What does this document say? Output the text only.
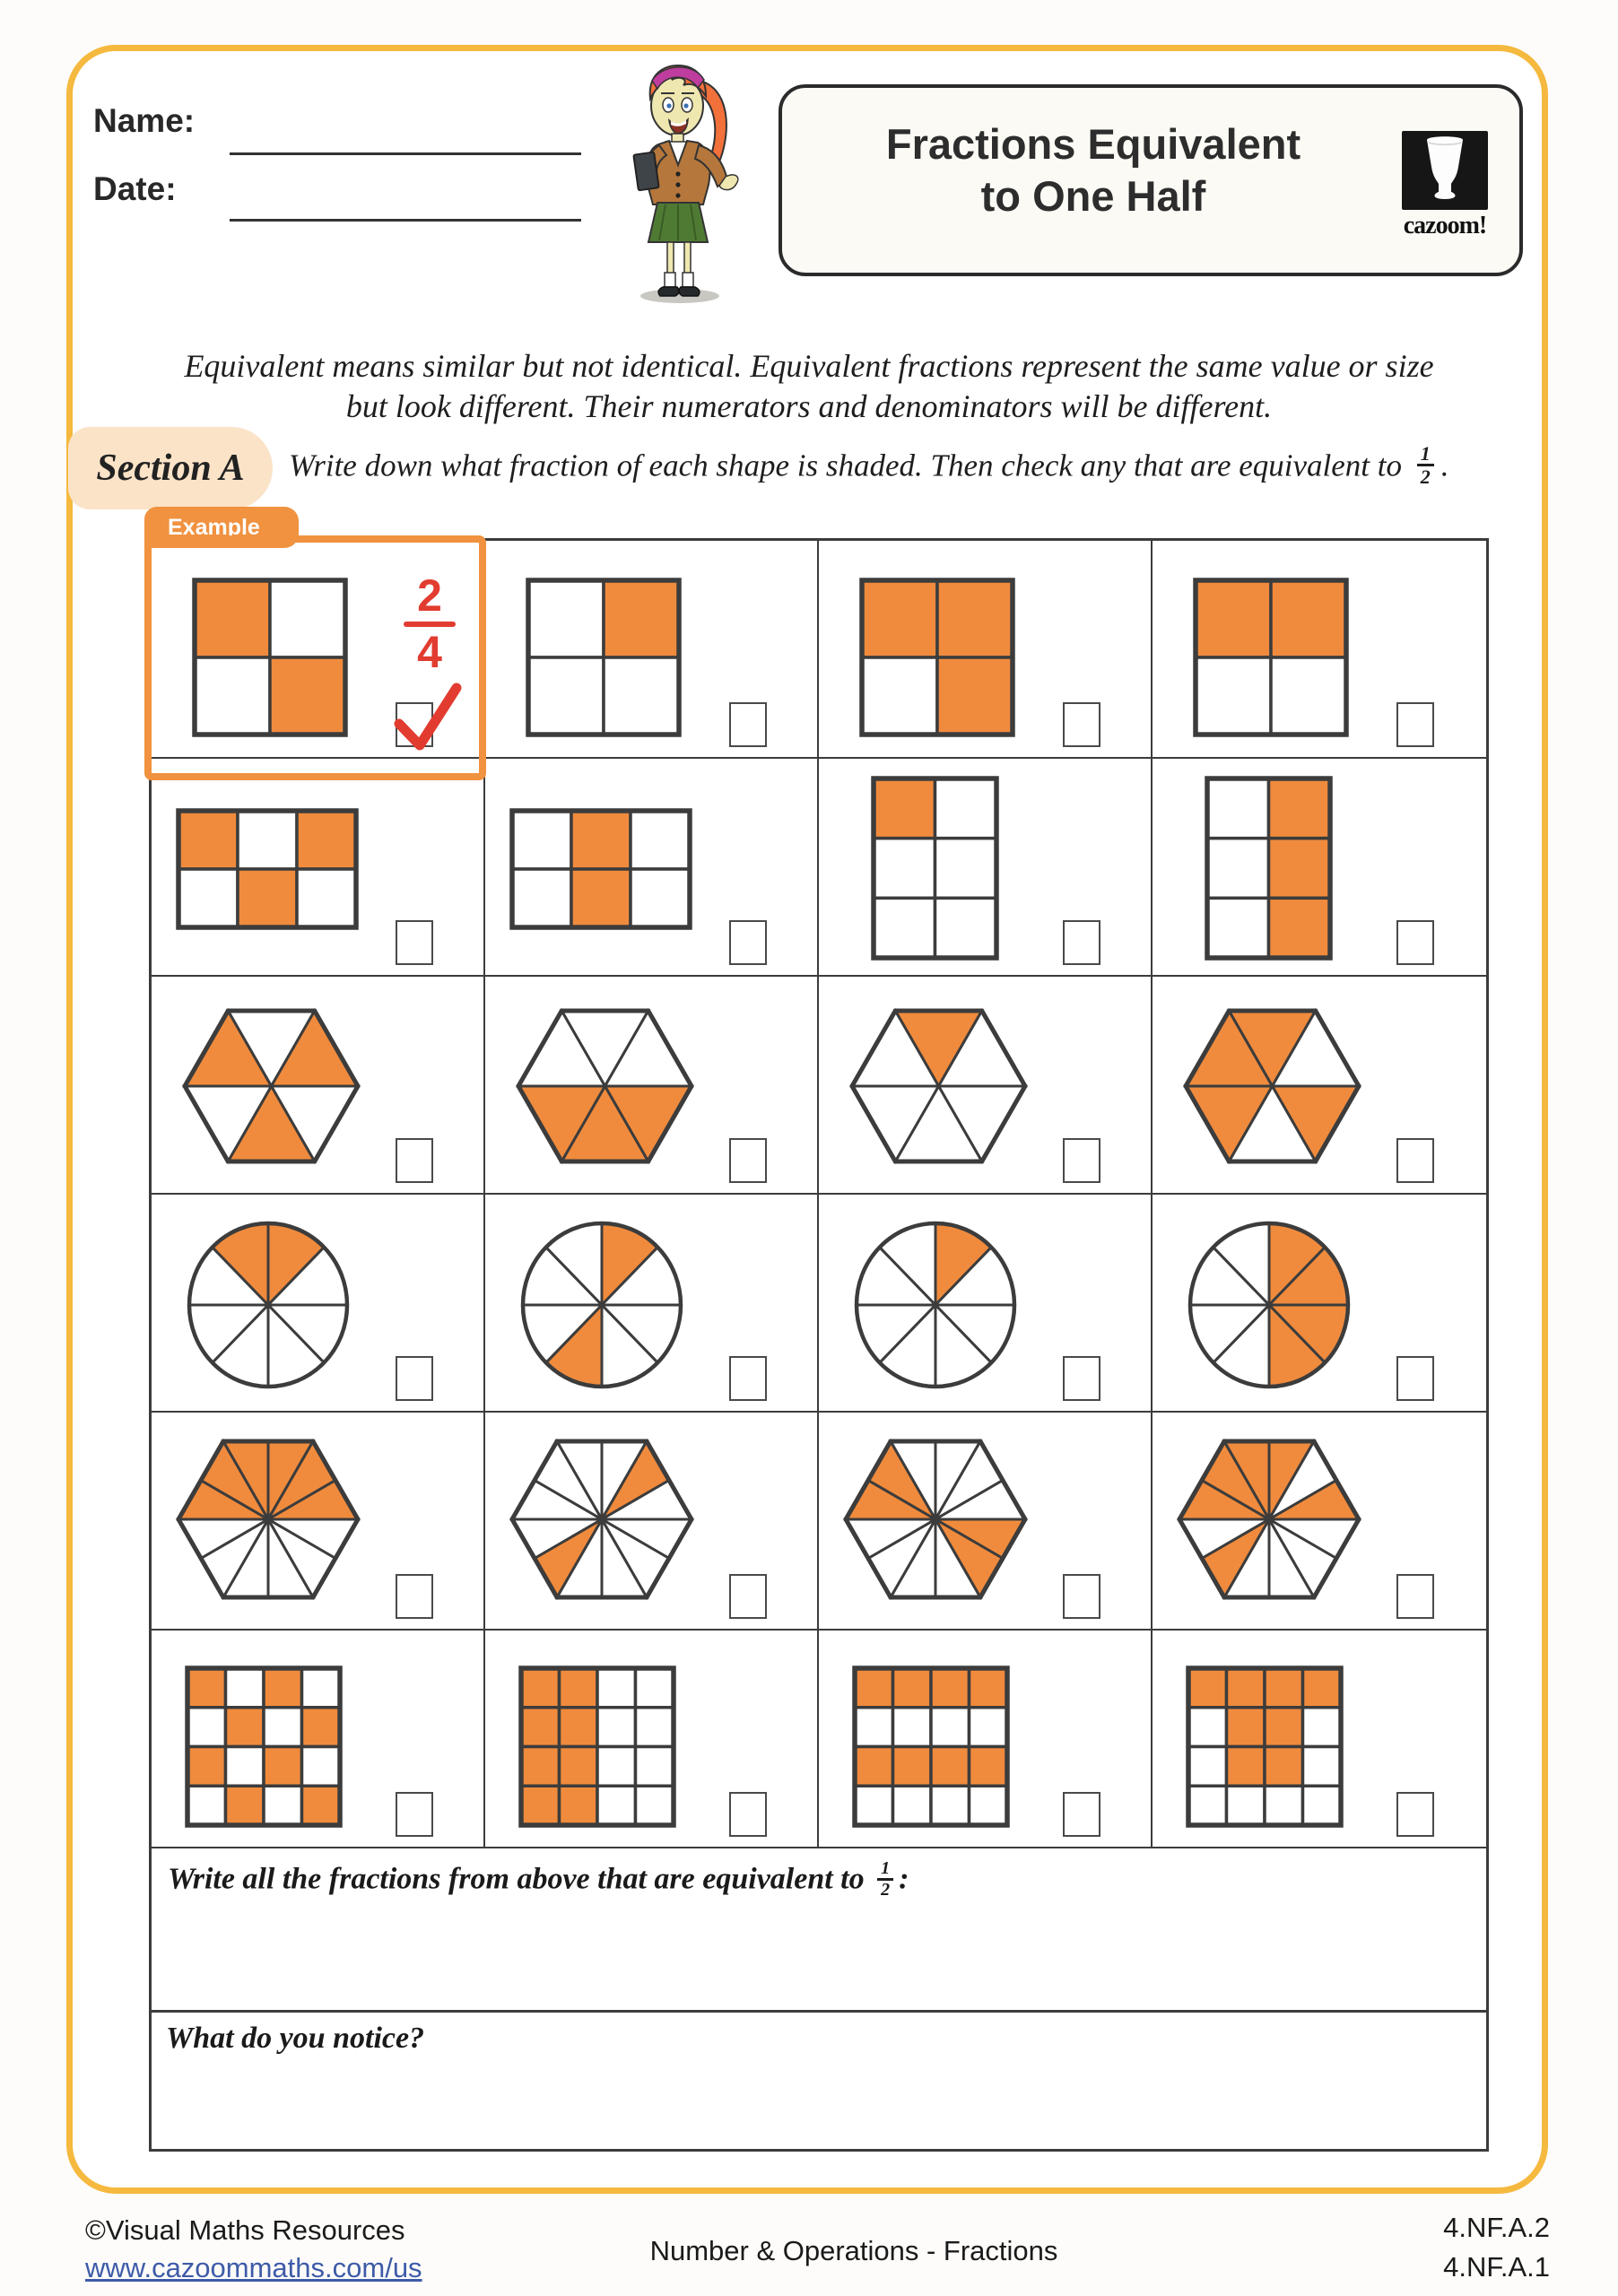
Name:
Date:
Fractions Equivalent
to One Half
cazoom!
Equivalent means similar but not identical. Equivalent fractions represent the same value or size
but look different. Their numerators and denominators will be different.
Section A	Write down what fraction of each shape is shaded. Then check any that are equivalent to $\frac{1}{2}$ .
Example
2
4
Write all the fractions from above that are equivalent to $\frac{1}{2}$ :
What do you notice?
©Visual Maths Resources
www.cazoommaths.com/us
Number & Operations - Fractions
4.NF.A.2
4.NF.A.1
